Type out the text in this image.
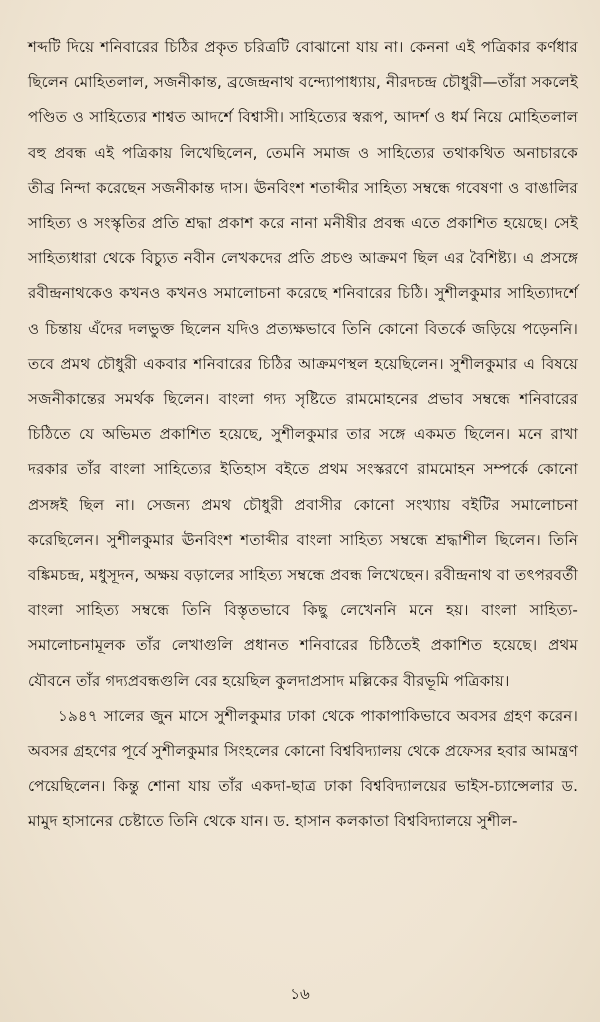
শব্দটি দিয়ে শনিবারের চিঠির প্রকৃত চরিত্রটি বোঝানো যায় না। কেননা এই পত্রিকার কর্ণধার ছিলেন মোহিতলাল, সজনীকান্ত, ব্রজেন্দ্রনাথ বন্দ্যোপাধ্যায়, নীরদচন্দ্র চৌধুরী—তাঁরা সকলেই পণ্ডিত ও সাহিত্যের শাশ্বত আদর্শে বিশ্বাসী। সাহিত্যের স্বরূপ, আদর্শ ও ধর্ম নিয়ে মোহিতলাল বহু প্রবন্ধ এই পত্রিকায় লিখেছিলেন, তেমনি সমাজ ও সাহিত্যের তথাকথিত অনাচারকে তীব্র নিন্দা করেছেন সজনীকান্ত দাস। ঊনবিংশ শতাব্দীর সাহিত্য সম্বন্ধে গবেষণা ও বাঙালির সাহিত্য ও সংস্কৃতির প্রতি শ্রদ্ধা প্রকাশ করে নানা মনীষীর প্রবন্ধ এতে প্রকাশিত হয়েছে। সেই সাহিত্যধারা থেকে বিচ্যুত নবীন লেখকদের প্রতি প্রচণ্ড আক্রমণ ছিল এর বৈশিষ্ট্য। এ প্রসঙ্গে রবীন্দ্রনাথকেও কখনও কখনও সমালোচনা করেছে শনিবারের চিঠি। সুশীলকুমার সাহিত্যাদর্শে ও চিন্তায় এঁদের দলভুক্ত ছিলেন যদিও প্রত্যক্ষভাবে তিনি কোনো বিতর্কে জড়িয়ে পড়েননি। তবে প্রমথ চৌধুরী একবার শনিবারের চিঠির আক্রমণস্থল হয়েছিলেন। সুশীলকুমার এ বিষয়ে সজনীকান্তের সমর্থক ছিলেন। বাংলা গদ্য সৃষ্টিতে রামমোহনের প্রভাব সম্বন্ধে শনিবারের চিঠিতে যে অভিমত প্রকাশিত হয়েছে, সুশীলকুমার তার সঙ্গে একমত ছিলেন। মনে রাখা দরকার তাঁর বাংলা সাহিত্যের ইতিহাস বইতে প্রথম সংস্করণে রামমোহন সম্পর্কে কোনো প্রসঙ্গই ছিল না। সেজন্য প্রমথ চৌধুরী প্রবাসীর কোনো সংখ্যায় বইটির সমালোচনা করেছিলেন। সুশীলকুমার ঊনবিংশ শতাব্দীর বাংলা সাহিত্য সম্বন্ধে শ্রদ্ধাশীল ছিলেন। তিনি বঙ্কিমচন্দ্র, মধুসূদন, অক্ষয় বড়ালের সাহিত্য সম্বন্ধে প্রবন্ধ লিখেছেন। রবীন্দ্রনাথ বা তৎপরবর্তী বাংলা সাহিত্য সম্বন্ধে তিনি বিস্তৃতভাবে কিছু লেখেননি মনে হয়। বাংলা সাহিত্য-সমালোচনামূলক তাঁর লেখাগুলি প্রধানত শনিবারের চিঠিতেই প্রকাশিত হয়েছে। প্রথম যৌবনে তাঁর গদ্যপ্রবন্ধগুলি বের হয়েছিল কুলদাপ্রসাদ মল্লিকের বীরভূমি পত্রিকায়।

১৯৪৭ সালের জুন মাসে সুশীলকুমার ঢাকা থেকে পাকাপাকিভাবে অবসর গ্রহণ করেন। অবসর গ্রহণের পূর্বে সুশীলকুমার সিংহলের কোনো বিশ্ববিদ্যালয় থেকে প্রফেসর হবার আমন্ত্রণ পেয়েছিলেন। কিন্তু শোনা যায় তাঁর একদা-ছাত্র ঢাকা বিশ্ববিদ্যালয়ের ভাইস-চ্যান্সেলার ড. মামুদ হাসানের চেষ্টাতে তিনি থেকে যান। ড. হাসান কলকাতা বিশ্ববিদ্যালয়ে সুশীল-

১৬
